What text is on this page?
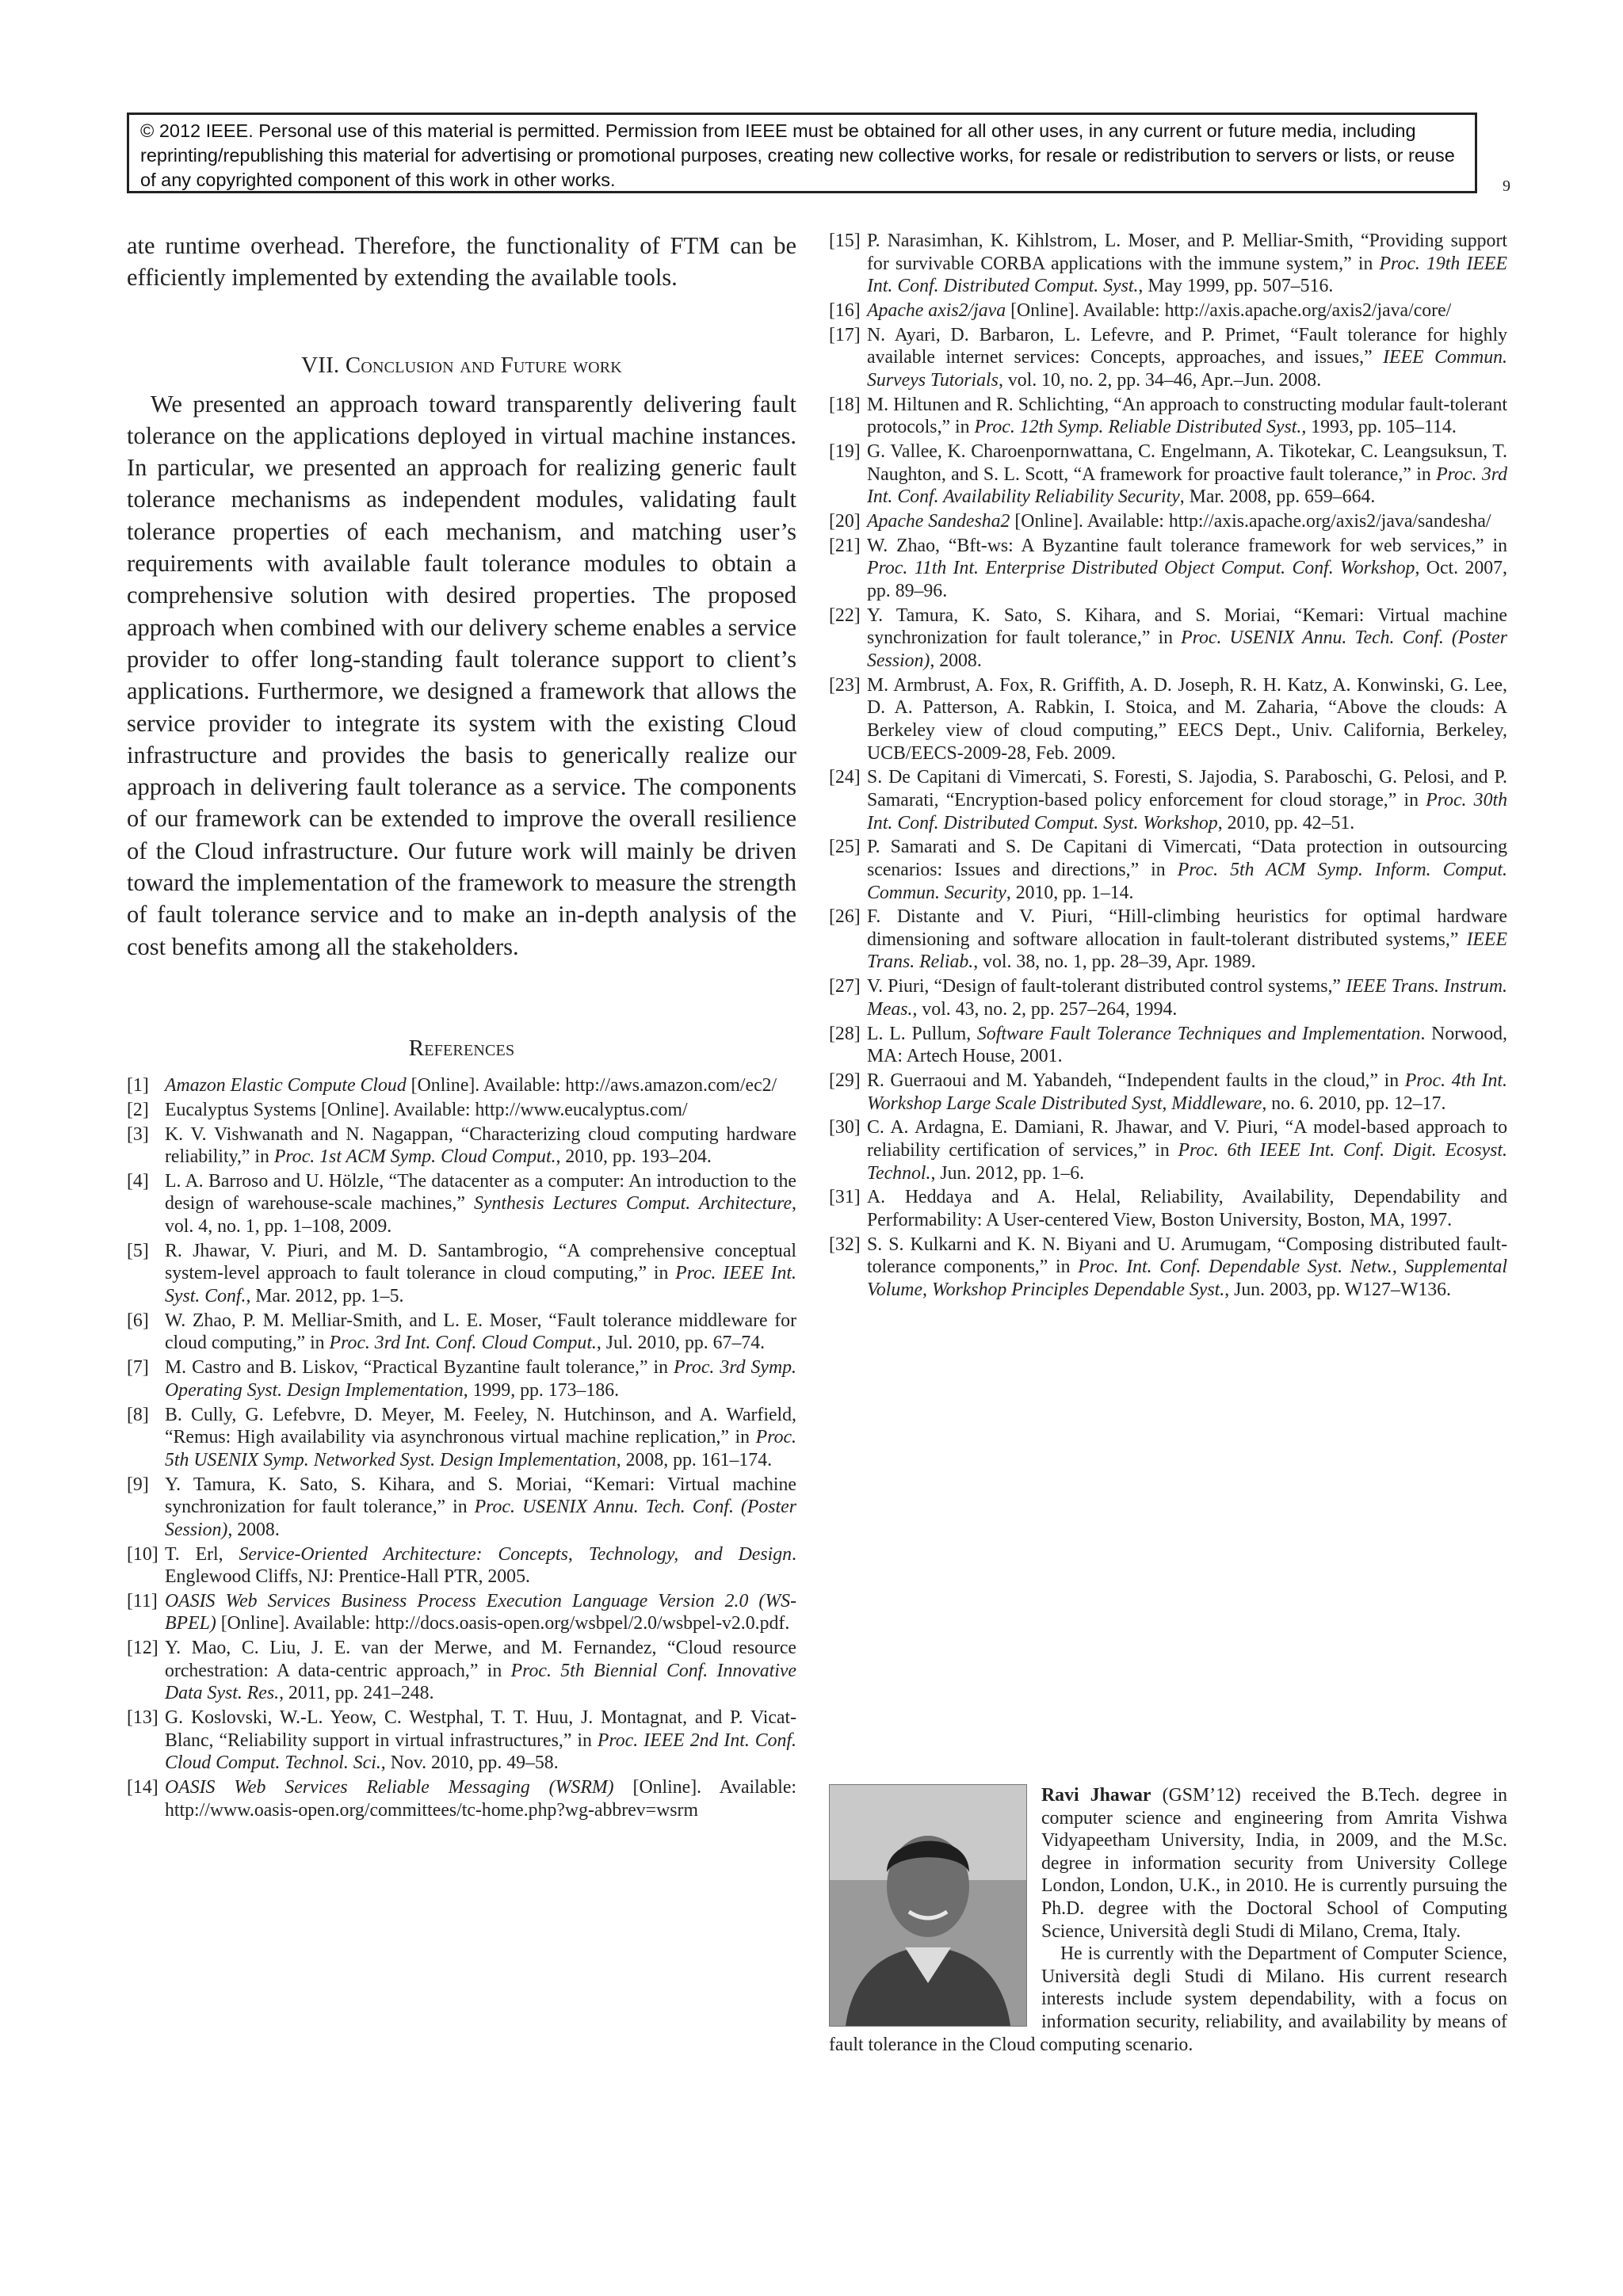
© 2012 IEEE. Personal use of this material is permitted. Permission from IEEE must be obtained for all other uses, in any current or future media, including reprinting/republishing this material for advertising or promotional purposes, creating new collective works, for resale or redistribution to servers or lists, or reuse of any copyrighted component of this work in other works.	9

ate runtime overhead. Therefore, the functionality of FTM can be efficiently implemented by extending the available tools.

VII. Conclusion and Future work

We presented an approach toward transparently delivering fault tolerance on the applications deployed in virtual machine instances. In particular, we presented an approach for realizing generic fault tolerance mechanisms as independent modules, validating fault tolerance properties of each mechanism, and matching user’s requirements with available fault tolerance modules to obtain a comprehensive solution with desired properties. The proposed approach when combined with our delivery scheme enables a service provider to offer long-standing fault tolerance support to client’s applications. Furthermore, we designed a framework that allows the service provider to integrate its system with the existing Cloud infrastructure and provides the basis to generically realize our approach in delivering fault tolerance as a service. The components of our framework can be extended to improve the overall resilience of the Cloud infrastructure. Our future work will mainly be driven toward the implementation of the framework to measure the strength of fault tolerance service and to make an in-depth analysis of the cost benefits among all the stakeholders.

References

[1] Amazon Elastic Compute Cloud [Online]. Available: http://aws.amazon.com/ec2/
[2] Eucalyptus Systems [Online]. Available: http://www.eucalyptus.com/
[3] K. V. Vishwanath and N. Nagappan, “Characterizing cloud computing hardware reliability,” in Proc. 1st ACM Symp. Cloud Comput., 2010, pp. 193–204.
[4] L. A. Barroso and U. Hölzle, “The datacenter as a computer: An introduction to the design of warehouse-scale machines,” Synthesis Lectures Comput. Architecture, vol. 4, no. 1, pp. 1–108, 2009.
[5] R. Jhawar, V. Piuri, and M. D. Santambrogio, “A comprehensive conceptual system-level approach to fault tolerance in cloud computing,” in Proc. IEEE Int. Syst. Conf., Mar. 2012, pp. 1–5.
[6] W. Zhao, P. M. Melliar-Smith, and L. E. Moser, “Fault tolerance middleware for cloud computing,” in Proc. 3rd Int. Conf. Cloud Comput., Jul. 2010, pp. 67–74.
[7] M. Castro and B. Liskov, “Practical Byzantine fault tolerance,” in Proc. 3rd Symp. Operating Syst. Design Implementation, 1999, pp. 173–186.
[8] B. Cully, G. Lefebvre, D. Meyer, M. Feeley, N. Hutchinson, and A. Warfield, “Remus: High availability via asynchronous virtual machine replication,” in Proc. 5th USENIX Symp. Networked Syst. Design Implementation, 2008, pp. 161–174.
[9] Y. Tamura, K. Sato, S. Kihara, and S. Moriai, “Kemari: Virtual machine synchronization for fault tolerance,” in Proc. USENIX Annu. Tech. Conf. (Poster Session), 2008.
[10] T. Erl, Service-Oriented Architecture: Concepts, Technology, and Design. Englewood Cliffs, NJ: Prentice-Hall PTR, 2005.
[11] OASIS Web Services Business Process Execution Language Version 2.0 (WS-BPEL) [Online]. Available: http://docs.oasis-open.org/wsbpel/2.0/wsbpel-v2.0.pdf.
[12] Y. Mao, C. Liu, J. E. van der Merwe, and M. Fernandez, “Cloud resource orchestration: A data-centric approach,” in Proc. 5th Biennial Conf. Innovative Data Syst. Res., 2011, pp. 241–248.
[13] G. Koslovski, W.-L. Yeow, C. Westphal, T. T. Huu, J. Montagnat, and P. Vicat-Blanc, “Reliability support in virtual infrastructures,” in Proc. IEEE 2nd Int. Conf. Cloud Comput. Technol. Sci., Nov. 2010, pp. 49–58.
[14] OASIS Web Services Reliable Messaging (WSRM) [Online]. Available: http://www.oasis-open.org/committees/tc-home.php?wg-abbrev=wsrm
[15] P. Narasimhan, K. Kihlstrom, L. Moser, and P. Melliar-Smith, “Providing support for survivable CORBA applications with the immune system,” in Proc. 19th IEEE Int. Conf. Distributed Comput. Syst., May 1999, pp. 507–516.
[16] Apache axis2/java [Online]. Available: http://axis.apache.org/axis2/java/core/
[17] N. Ayari, D. Barbaron, L. Lefevre, and P. Primet, “Fault tolerance for highly available internet services: Concepts, approaches, and issues,” IEEE Commun. Surveys Tutorials, vol. 10, no. 2, pp. 34–46, Apr.–Jun. 2008.
[18] M. Hiltunen and R. Schlichting, “An approach to constructing modular fault-tolerant protocols,” in Proc. 12th Symp. Reliable Distributed Syst., 1993, pp. 105–114.
[19] G. Vallee, K. Charoenpornwattana, C. Engelmann, A. Tikotekar, C. Leangsuksun, T. Naughton, and S. L. Scott, “A framework for proactive fault tolerance,” in Proc. 3rd Int. Conf. Availability Reliability Security, Mar. 2008, pp. 659–664.
[20] Apache Sandesha2 [Online]. Available: http://axis.apache.org/axis2/java/sandesha/
[21] W. Zhao, “Bft-ws: A Byzantine fault tolerance framework for web services,” in Proc. 11th Int. Enterprise Distributed Object Comput. Conf. Workshop, Oct. 2007, pp. 89–96.
[22] Y. Tamura, K. Sato, S. Kihara, and S. Moriai, “Kemari: Virtual machine synchronization for fault tolerance,” in Proc. USENIX Annu. Tech. Conf. (Poster Session), 2008.
[23] M. Armbrust, A. Fox, R. Griffith, A. D. Joseph, R. H. Katz, A. Konwinski, G. Lee, D. A. Patterson, A. Rabkin, I. Stoica, and M. Zaharia, “Above the clouds: A Berkeley view of cloud computing,” EECS Dept., Univ. California, Berkeley, UCB/EECS-2009-28, Feb. 2009.
[24] S. De Capitani di Vimercati, S. Foresti, S. Jajodia, S. Paraboschi, G. Pelosi, and P. Samarati, “Encryption-based policy enforcement for cloud storage,” in Proc. 30th Int. Conf. Distributed Comput. Syst. Workshop, 2010, pp. 42–51.
[25] P. Samarati and S. De Capitani di Vimercati, “Data protection in outsourcing scenarios: Issues and directions,” in Proc. 5th ACM Symp. Inform. Comput. Commun. Security, 2010, pp. 1–14.
[26] F. Distante and V. Piuri, “Hill-climbing heuristics for optimal hardware dimensioning and software allocation in fault-tolerant distributed systems,” IEEE Trans. Reliab., vol. 38, no. 1, pp. 28–39, Apr. 1989.
[27] V. Piuri, “Design of fault-tolerant distributed control systems,” IEEE Trans. Instrum. Meas., vol. 43, no. 2, pp. 257–264, 1994.
[28] L. L. Pullum, Software Fault Tolerance Techniques and Implementation. Norwood, MA: Artech House, 2001.
[29] R. Guerraoui and M. Yabandeh, “Independent faults in the cloud,” in Proc. 4th Int. Workshop Large Scale Distributed Syst, Middleware, no. 6. 2010, pp. 12–17.
[30] C. A. Ardagna, E. Damiani, R. Jhawar, and V. Piuri, “A model-based approach to reliability certification of services,” in Proc. 6th IEEE Int. Conf. Digit. Ecosyst. Technol., Jun. 2012, pp. 1–6.
[31] A. Heddaya and A. Helal, Reliability, Availability, Dependability and Performability: A User-centered View, Boston University, Boston, MA, 1997.
[32] S. S. Kulkarni and K. N. Biyani and U. Arumugam, “Composing distributed fault-tolerance components,” in Proc. Int. Conf. Dependable Syst. Netw., Supplemental Volume, Workshop Principles Dependable Syst., Jun. 2003, pp. W127–W136.

Ravi Jhawar (GSM’12) received the B.Tech. degree in computer science and engineering from Amrita Vishwa Vidyapeetham University, India, in 2009, and the M.Sc. degree in information security from University College London, London, U.K., in 2010. He is currently pursuing the Ph.D. degree with the Doctoral School of Computing Science, Università degli Studi di Milano, Crema, Italy.

He is currently with the Department of Computer Science, Università degli Studi di Milano. His current research interests include system dependability, with a focus on information security, reliability, and availability by means of fault tolerance in the Cloud computing scenario.
